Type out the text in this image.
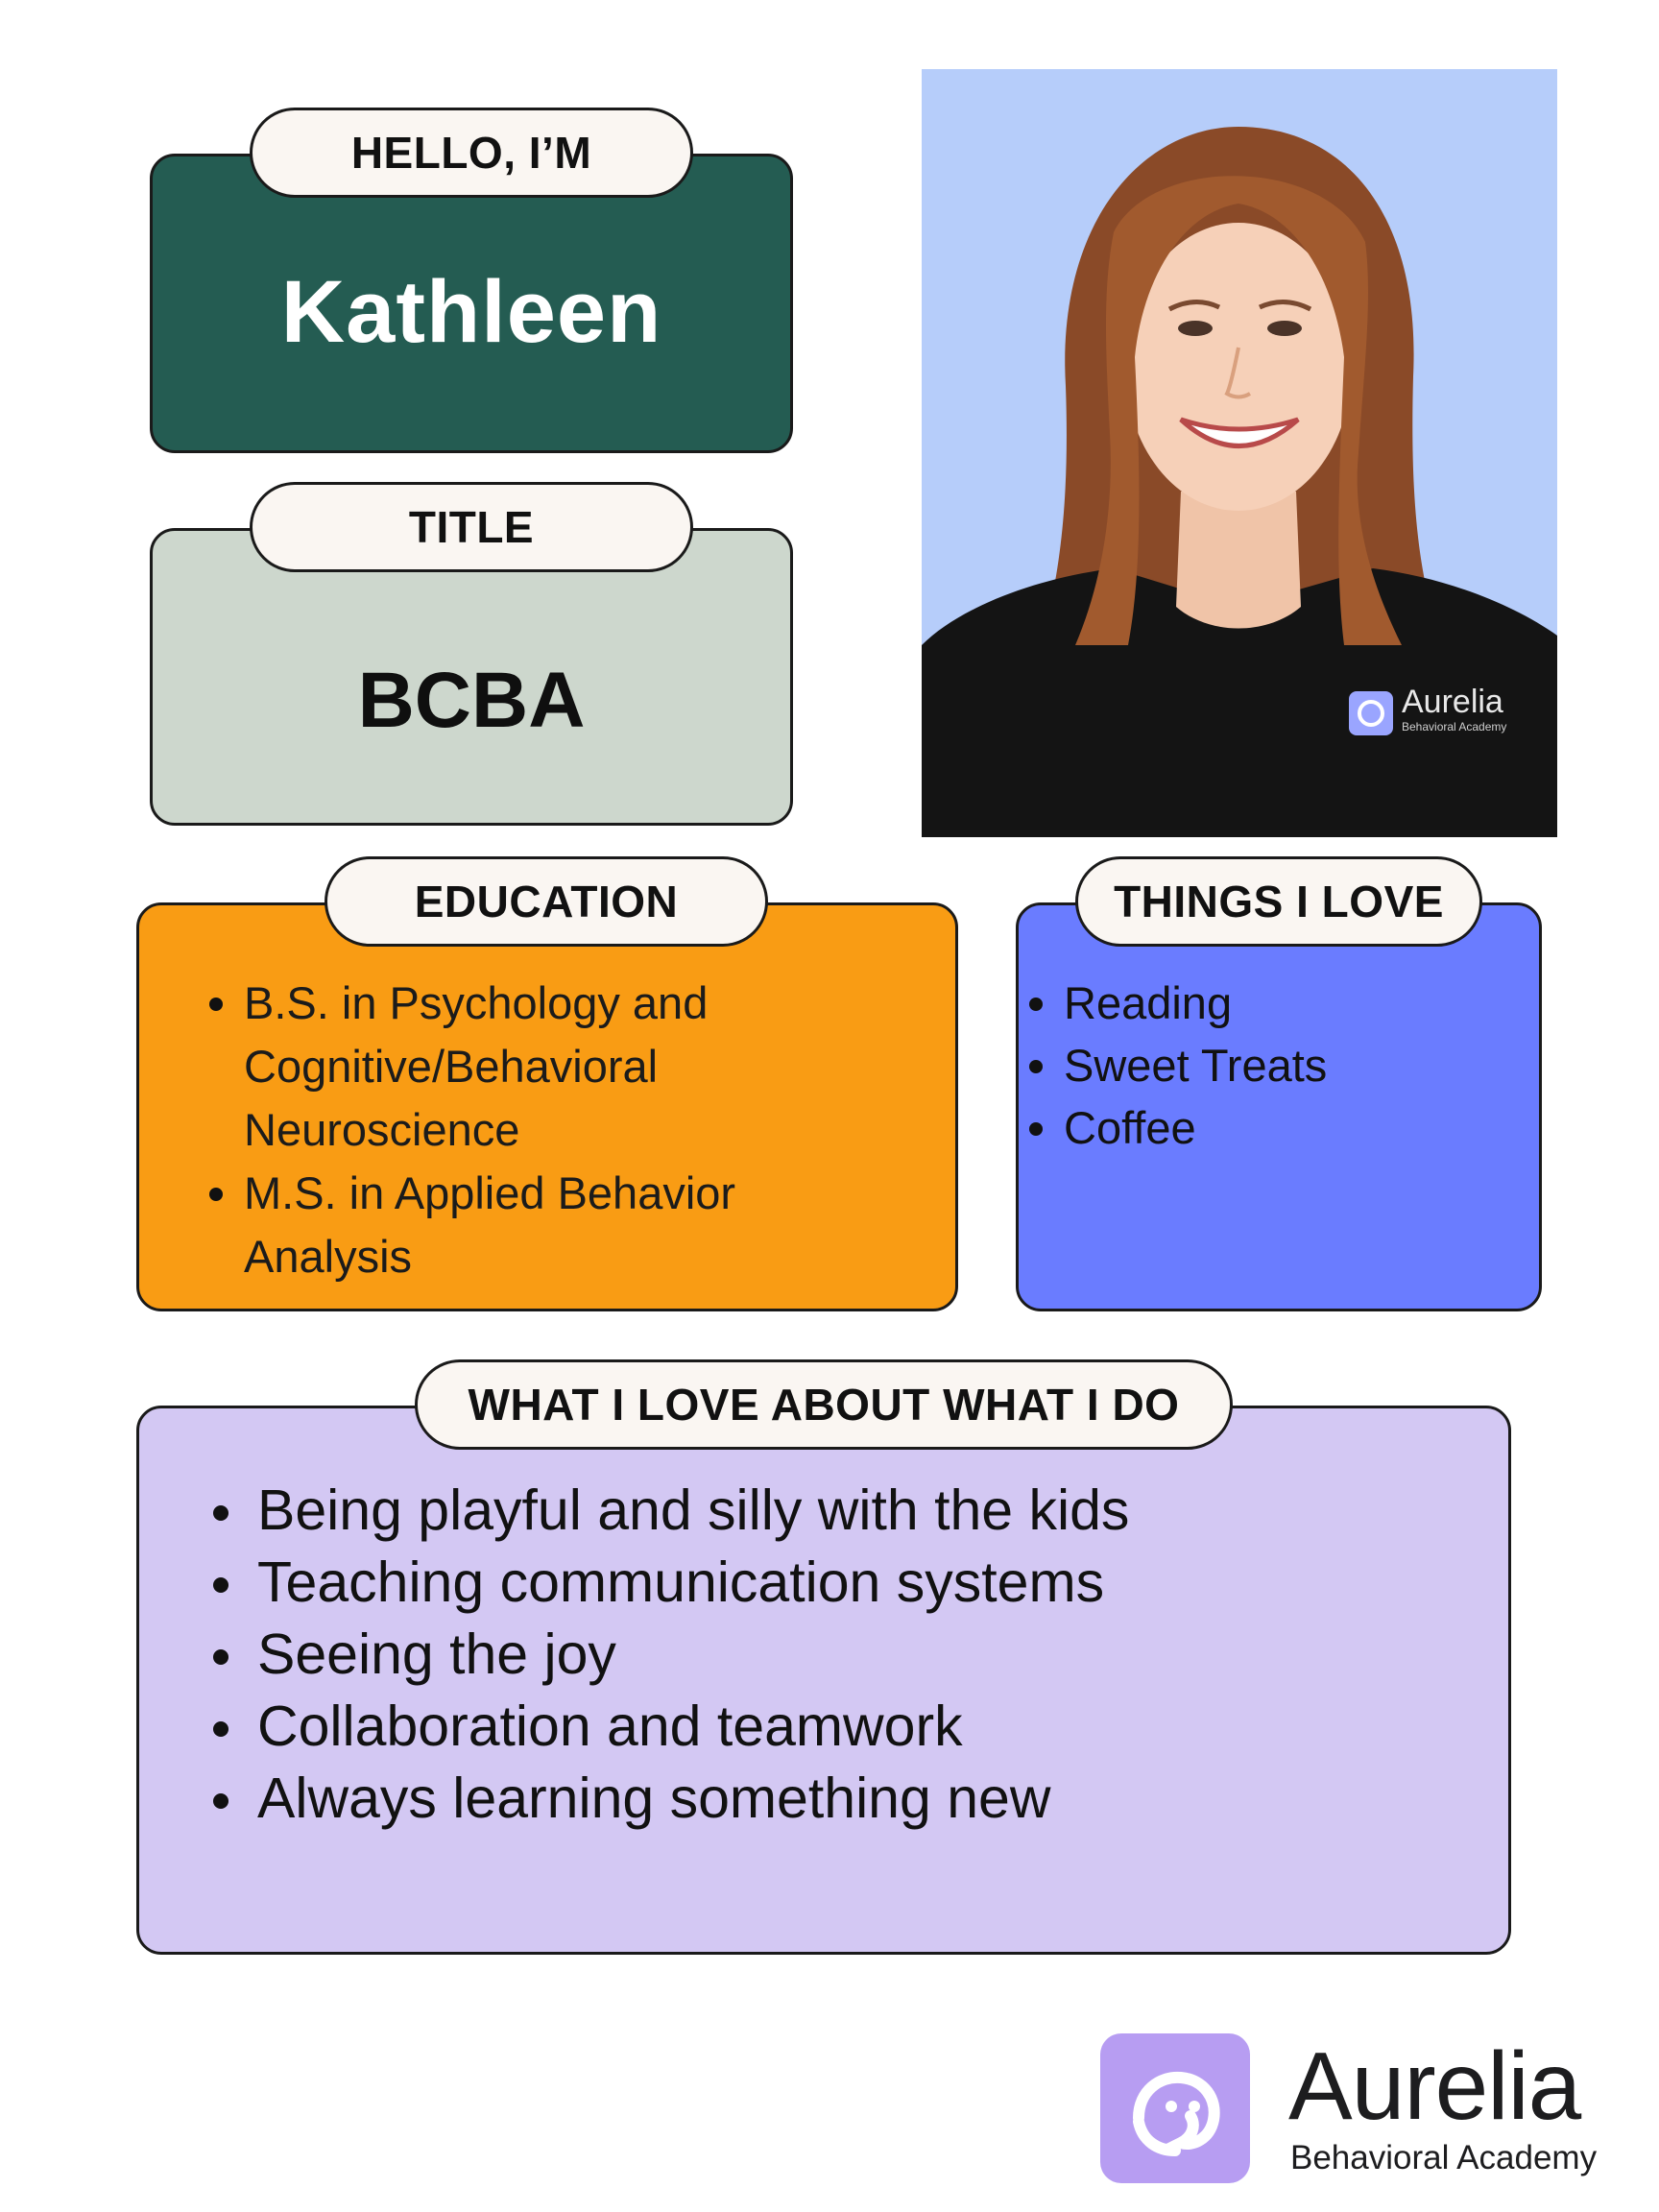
Kathleen
HELLO, I’M
BCBA
TITLE
Aurelia
Behavioral Academy
EDUCATION
B.S. in Psychology and Cognitive/Behavioral Neuroscience
M.S. in Applied Behavior Analysis
THINGS I LOVE
Reading
Sweet Treats
Coffee
WHAT I LOVE ABOUT WHAT I DO
Being playful and silly with the kids
Teaching communication systems
Seeing the joy
Collaboration and teamwork
Always learning something new
Aurelia
Behavioral Academy
